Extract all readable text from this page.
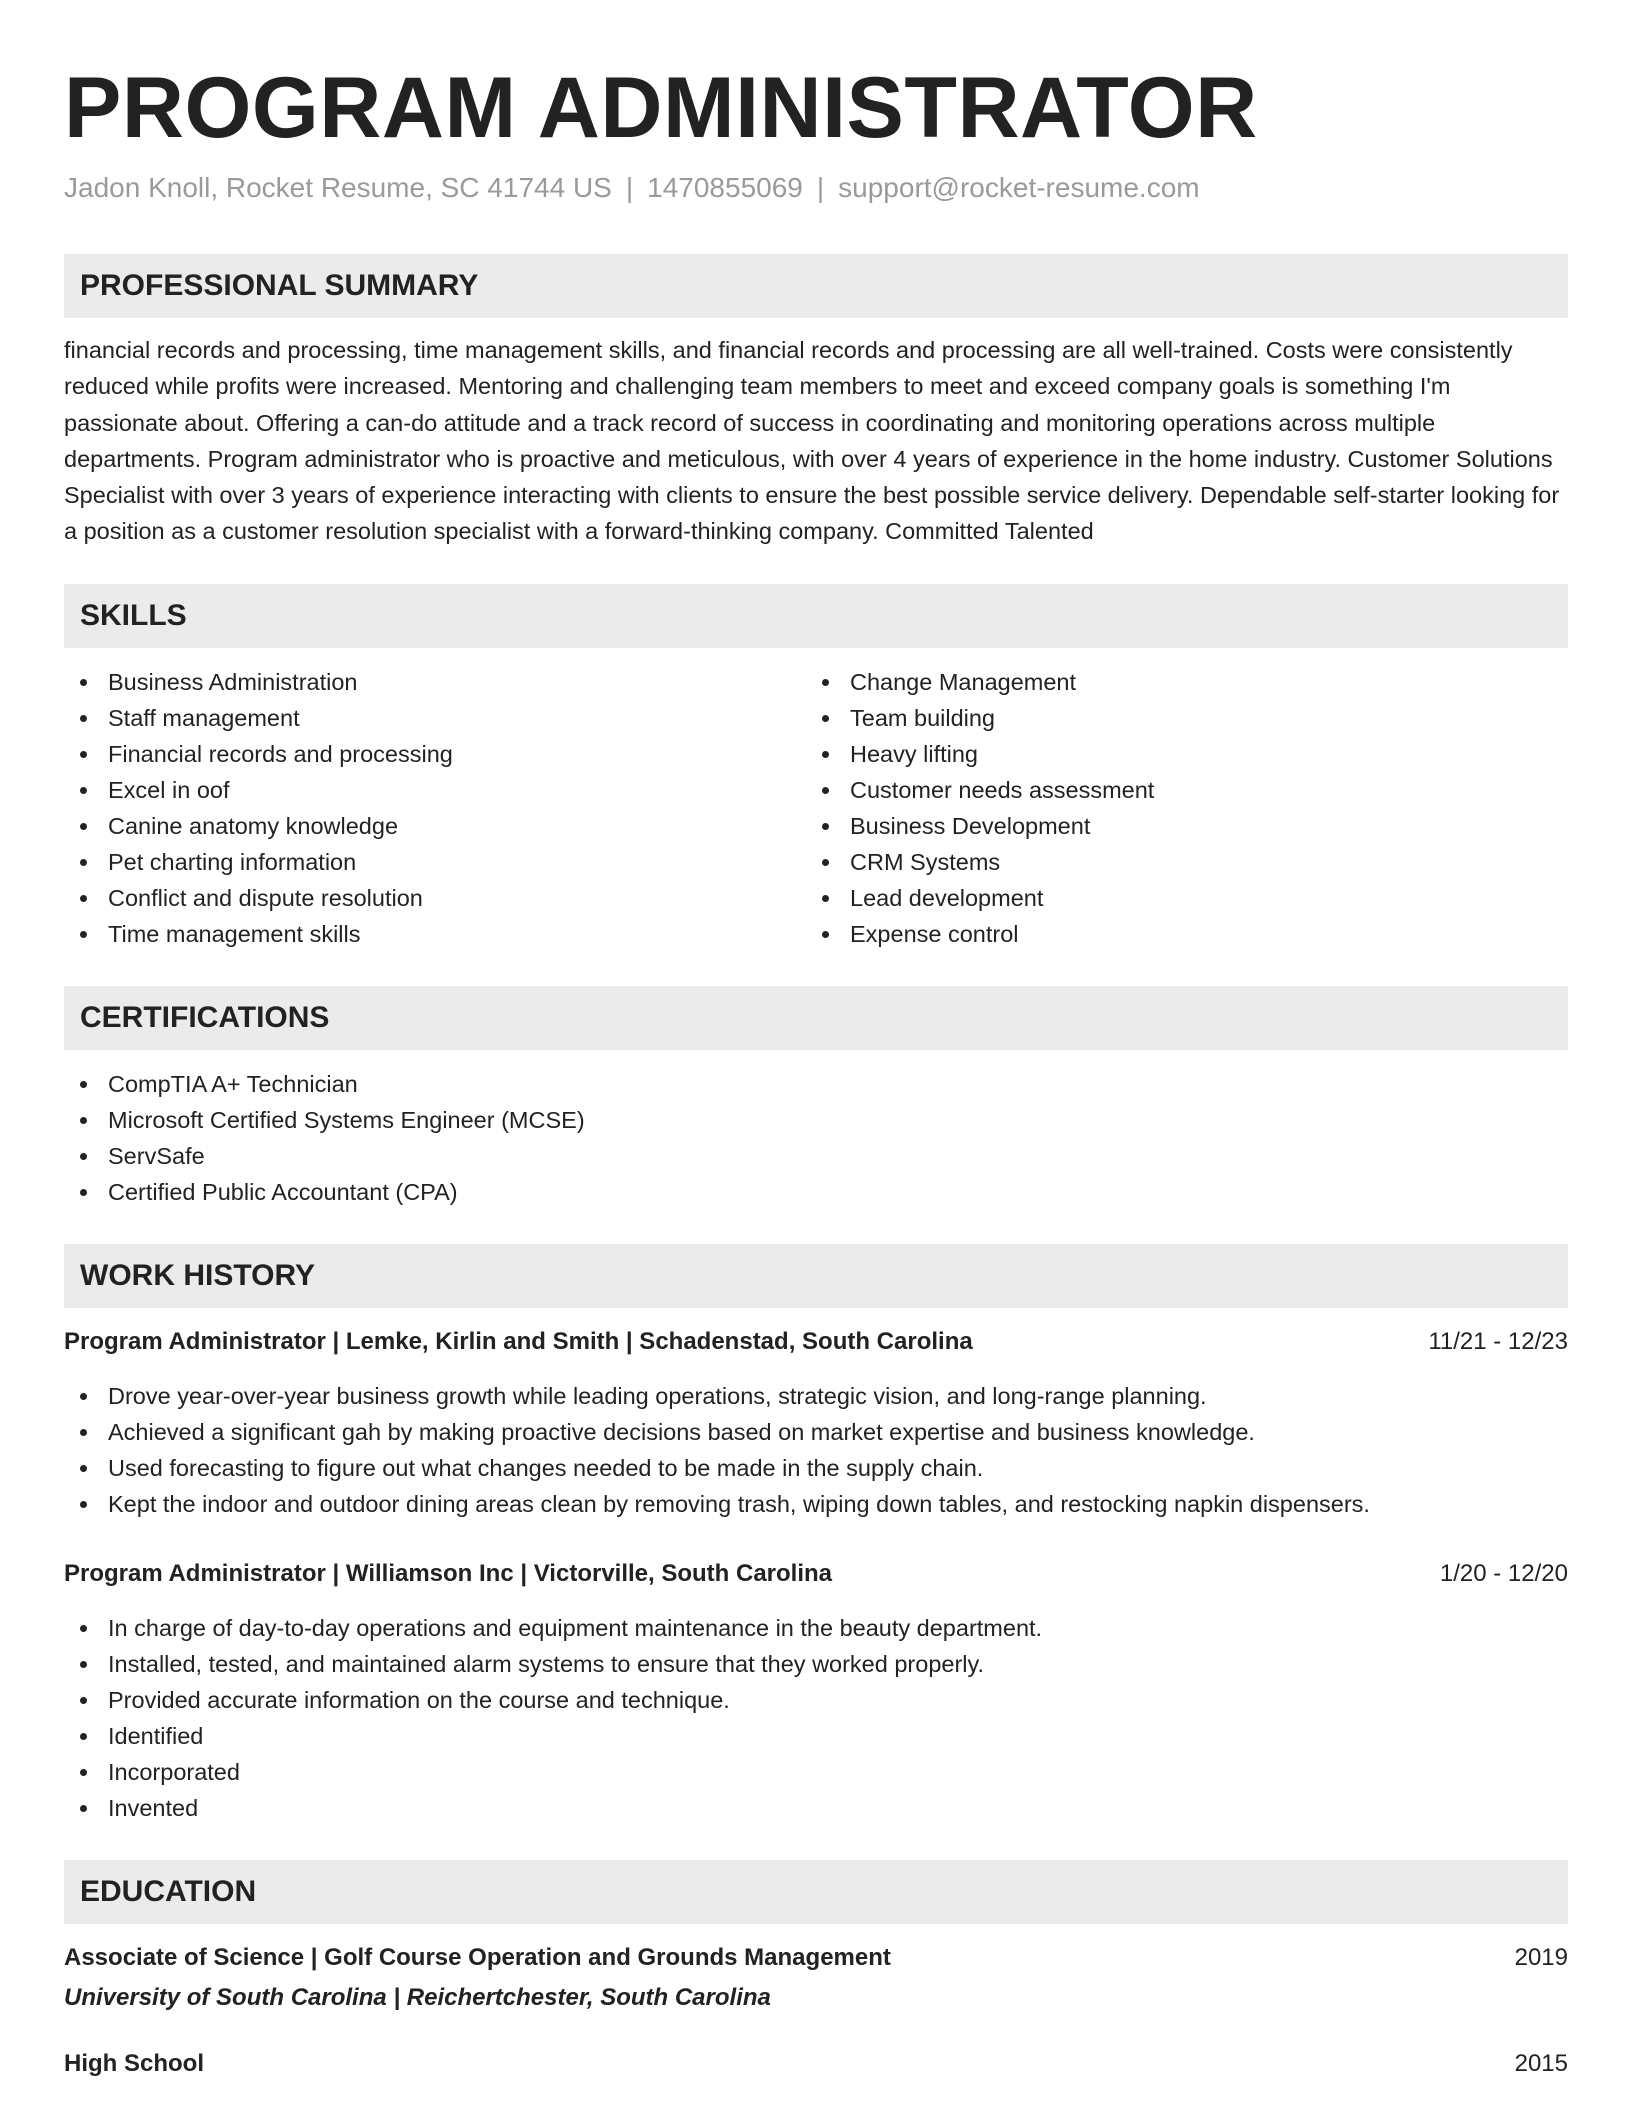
PROGRAM ADMINISTRATOR
Jadon Knoll, Rocket Resume, SC 41744 US | 1470855069 | support@rocket-resume.com
PROFESSIONAL SUMMARY

financial records and processing, time management skills, and financial records and processing are all well-trained. Costs were consistently reduced while profits were increased. Mentoring and challenging team members to meet and exceed company goals is something I'm passionate about. Offering a can-do attitude and a track record of success in coordinating and monitoring operations across multiple departments. Program administrator who is proactive and meticulous, with over 4 years of experience in the home industry. Customer Solutions Specialist with over 3 years of experience interacting with clients to ensure the best possible service delivery. Dependable self-starter looking for a position as a customer resolution specialist with a forward-thinking company. Committed Talented

SKILLS
Business Administration
Staff management
Financial records and processing
Excel in oof
Canine anatomy knowledge
Pet charting information
Conflict and dispute resolution
Time management skills
Change Management
Team building
Heavy lifting
Customer needs assessment
Business Development
CRM Systems
Lead development
Expense control
CERTIFICATIONS
CompTIA A+ Technician
Microsoft Certified Systems Engineer (MCSE)
ServSafe
Certified Public Accountant (CPA)
WORK HISTORY
Program Administrator | Lemke, Kirlin and Smith | Schadenstad, South Carolina	11/21 - 12/23
Drove year-over-year business growth while leading operations, strategic vision, and long-range planning.
Achieved a significant gah by making proactive decisions based on market expertise and business knowledge.
Used forecasting to figure out what changes needed to be made in the supply chain.
Kept the indoor and outdoor dining areas clean by removing trash, wiping down tables, and restocking napkin dispensers.
Program Administrator | Williamson Inc | Victorville, South Carolina	1/20 - 12/20
In charge of day-to-day operations and equipment maintenance in the beauty department.
Installed, tested, and maintained alarm systems to ensure that they worked properly.
Provided accurate information on the course and technique.
Identified
Incorporated
Invented
EDUCATION
Associate of Science | Golf Course Operation and Grounds Management	2019
University of South Carolina | Reichertchester, South Carolina
High School	2015
